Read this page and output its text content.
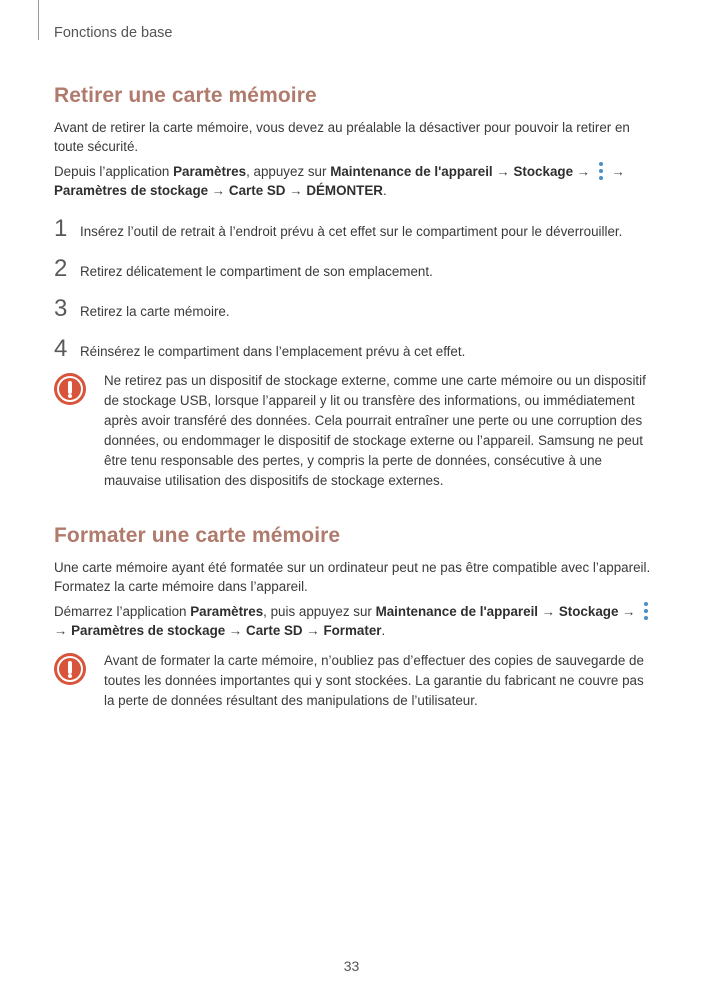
Fonctions de base
Retirer une carte mémoire

Avant de retirer la carte mémoire, vous devez au préalable la désactiver pour pouvoir la retirer en toute sécurité.

Depuis l’application Paramètres, appuyez sur Maintenance de l'appareil → Stockage →
→
Paramètres de stockage → Carte SD → DÉMONTER.

1 Insérez l’outil de retrait à l’endroit prévu à cet effet sur le compartiment pour le déverrouiller.
2 Retirez délicatement le compartiment de son emplacement.
3 Retirez la carte mémoire.
4 Réinsérez le compartiment dans l’emplacement prévu à cet effet.
Ne retirez pas un dispositif de stockage externe, comme une carte mémoire ou un dispositif de stockage USB, lorsque l’appareil y lit ou transfère des informations, ou immédiatement après avoir transféré des données. Cela pourrait entraîner une perte ou une corruption des données, ou endommager le dispositif de stockage externe ou l’appareil. Samsung ne peut être tenu responsable des pertes, y compris la perte de données, consécutive à une mauvaise utilisation des dispositifs de stockage externes.
Formater une carte mémoire

Une carte mémoire ayant été formatée sur un ordinateur peut ne pas être compatible avec l’appareil. Formatez la carte mémoire dans l’appareil.

Démarrez l’application Paramètres, puis appuyez sur Maintenance de l'appareil → Stockage →

→ Paramètres de stockage → Carte SD → Formater.

Avant de formater la carte mémoire, n’oubliez pas d’effectuer des copies de sauvegarde de toutes les données importantes qui y sont stockées. La garantie du fabricant ne couvre pas la perte de données résultant des manipulations de l’utilisateur.
33
